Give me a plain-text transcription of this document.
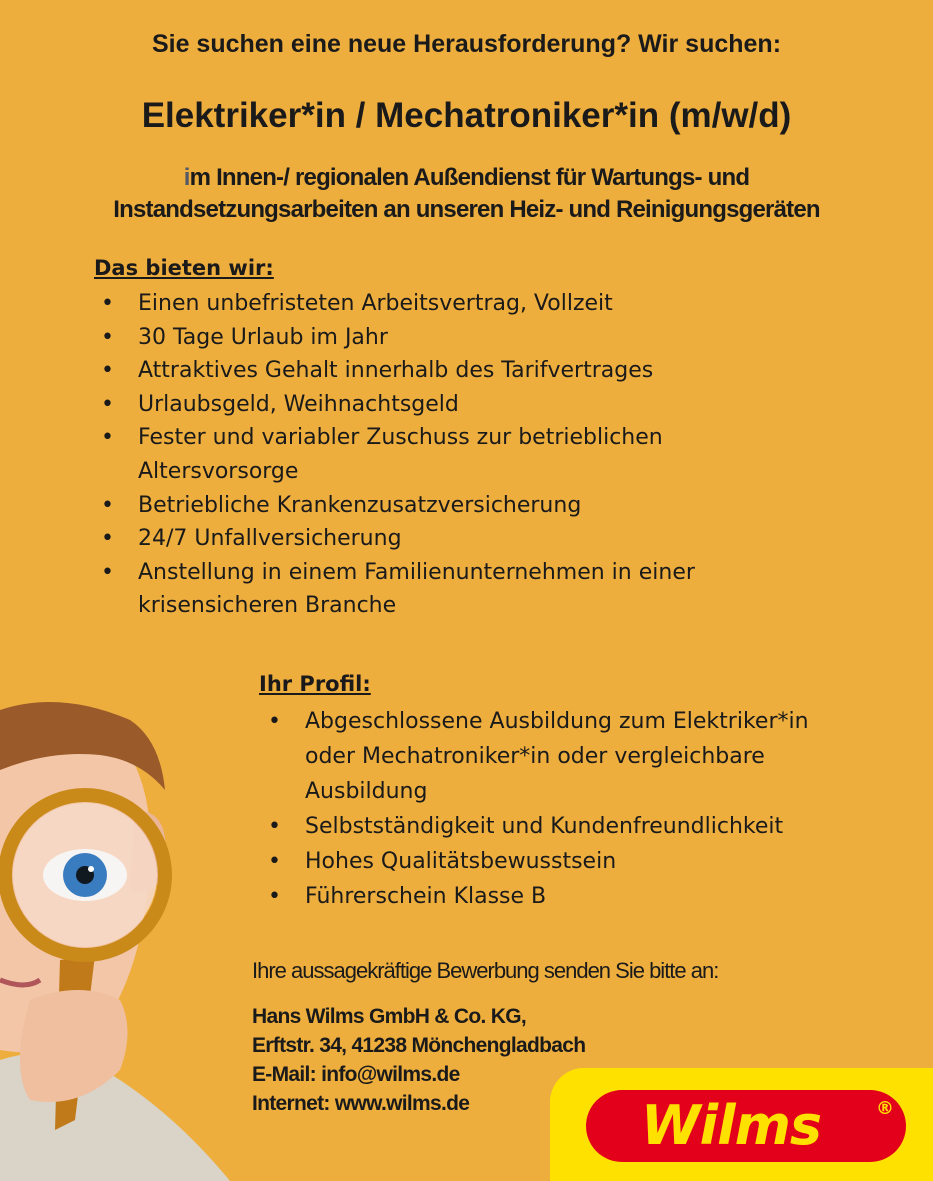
Sie suchen eine neue Herausforderung? Wir suchen:
Elektriker*in / Mechatroniker*in (m/w/d)

im Innen-/ regionalen Außendienst für Wartungs- und
Instandsetzungsarbeiten an unseren Heiz- und Reinigungsgeräten

Das bieten wir:
• Einen unbefristeten Arbeitsvertrag, Vollzeit
• 30 Tage Urlaub im Jahr
• Attraktives Gehalt innerhalb des Tarifvertrages
• Urlaubsgeld, Weihnachtsgeld
• Fester und variabler Zuschuss zur betrieblichen Altersvorsorge
• Betriebliche Krankenzusatzversicherung
• 24/7 Unfallversicherung
• Anstellung in einem Familienunternehmen in einer krisensicheren Branche
Ihr Profil:
• Abgeschlossene Ausbildung zum Elektriker*in oder Mechatroniker*in oder vergleichbare Ausbildung
• Selbstständigkeit und Kundenfreundlichkeit
• Hohes Qualitätsbewusstsein
• Führerschein Klasse B

Ihre aussagekräftige Bewerbung senden Sie bitte an:

Hans Wilms GmbH & Co. KG,
Erftstr. 34, 41238 Mönchengladbach
E-Mail: info@wilms.de
Internet: www.wilms.de	Wilms	®
